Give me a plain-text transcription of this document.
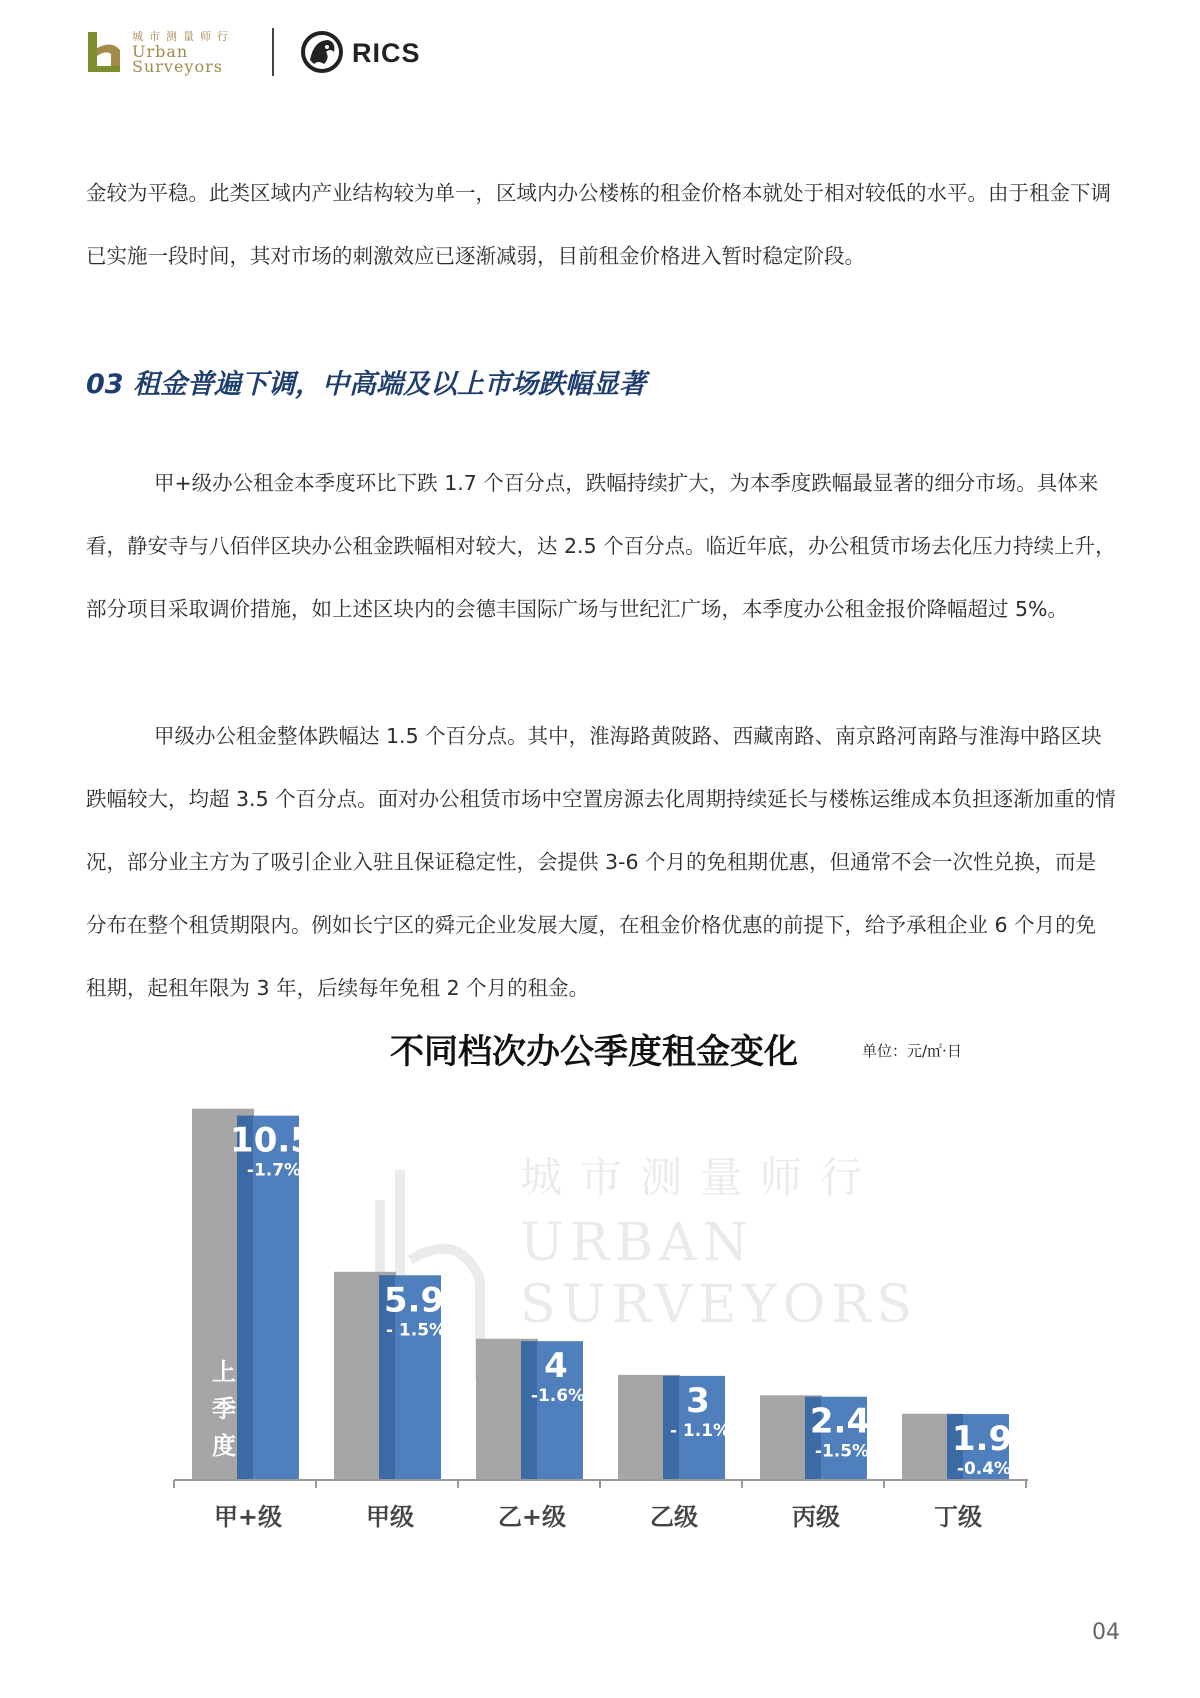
城市测量师行
Urban
Surveyors	RICS

金较为平稳。此类区域内产业结构较为单一，区域内办公楼栋的租金价格本就处于相对较低的水平。由于租金下调已实施一段时间，其对市场的刺激效应已逐渐减弱，目前租金价格进入暂时稳定阶段。

03 租金普遍下调，中高端及以上市场跌幅显著

甲+级办公租金本季度环比下跌 1.7 个百分点，跌幅持续扩大，为本季度跌幅最显著的细分市场。具体来看，静安寺与八佰伴区块办公租金跌幅相对较大，达 2.5 个百分点。临近年底，办公租赁市场去化压力持续上升，部分项目采取调价措施，如上述区块内的会德丰国际广场与世纪汇广场，本季度办公租金报价降幅超过 5%。

甲级办公租金整体跌幅达 1.5 个百分点。其中，淮海路黄陂路、西藏南路、南京路河南路与淮海中路区块跌幅较大，均超 3.5 个百分点。面对办公租赁市场中空置房源去化周期持续延长与楼栋运维成本负担逐渐加重的情况，部分业主方为了吸引企业入驻且保证稳定性，会提供 3-6 个月的免租期优惠，但通常不会一次性兑换，而是分布在整个租赁期限内。例如长宁区的舜元企业发展大厦，在租金价格优惠的前提下，给予承租企业 6 个月的免租期，起租年限为 3 年，后续每年免租 2 个月的租金。

不同档次办公季度租金变化	单位：元/㎡·日
城市测量师行
URBAN
SURVEYORS
10.5
-1.7%
5.9
- 1.5%
4
-1.6%	3
- 1.1% 2.4
-1.5% 1.9
-0.4%
甲+级	甲级	乙+级	乙级	丙级	丁级
上季度
04
